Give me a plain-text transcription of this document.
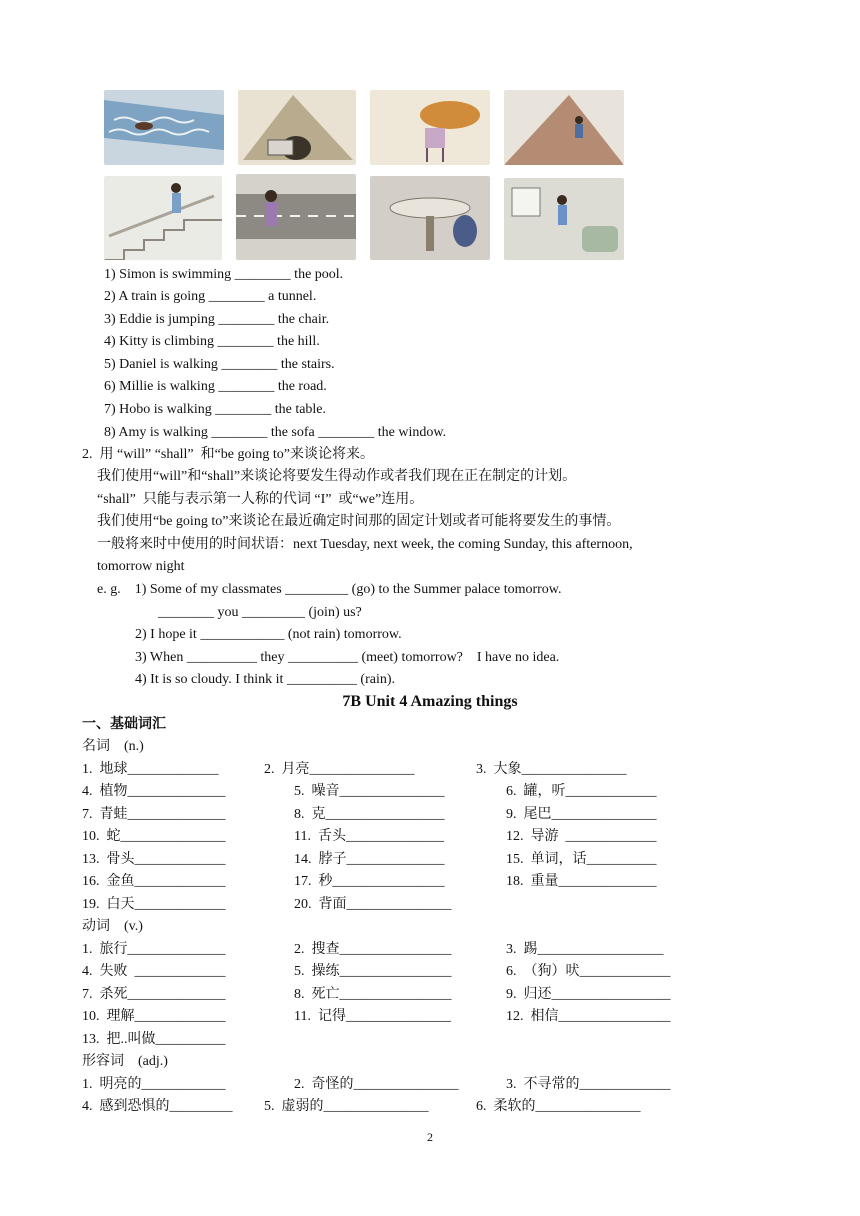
1) Simon is swimming ________ the pool.
2) A train is going ________ a tunnel.
3) Eddie is jumping ________ the chair.
4) Kitty is climbing ________ the hill.
5) Daniel is walking ________ the stairs.
6) Millie is walking ________ the road.
7) Hobo is walking ________ the table.
8) Amy is walking ________ the sofa ________ the window.
2.  用 “will” “shall”  和“be going to”来谈论将来。
我们使用“will”和“shall”来谈论将要发生得动作或者我们现在正在制定的计划。
“shall”  只能与表示第一人称的代词 “I”  或“we”连用。
我们使用“be going to”来谈论在最近确定时间那的固定计划或者可能将要发生的事情。
一般将来时中使用的时间状语：next Tuesday, next week, the coming Sunday, this afternoon,
tomorrow night
e. g.    1) Some of my classmates _________ (go) to the Summer palace tomorrow.
________ you _________ (join) us?
2) I hope it ____________ (not rain) tomorrow.
3) When __________ they __________ (meet) tomorrow?    I have no idea.
4) It is so cloudy. I think it __________ (rain).
7B Unit 4 Amazing things
一、基础词汇
名词    (n.)
1.  地球_____________	2.  月亮_______________	3.  大象_______________
4.  植物______________	5.  噪音_______________	6.  罐，听_____________
7.  青蛙______________	8.  克_________________	9.  尾巴_______________
10.  蛇_______________	11.  舌头______________	12.  导游  _____________
13.  骨头_____________	14.  脖子______________	15.  单词，话__________
16.  金鱼_____________	17.  秒________________	18.  重量______________
19.  白天_____________	20.  背面_______________
动词    (v.)
1.  旅行______________	2.  搜查________________	3.  踢__________________
4.  失败  _____________	5.  操练________________	6.  （狗）吠_____________
7.  杀死______________	8.  死亡________________	9.  归还_________________
10.  理解_____________	11.  记得_______________	12.  相信________________
13.  把..叫做__________
形容词    (adj.)
1.  明亮的____________	2.  奇怪的_______________	3.  不寻常的_____________
4.  感到恐惧的_________ 5.  虚弱的_______________	6.  柔软的_______________
2
